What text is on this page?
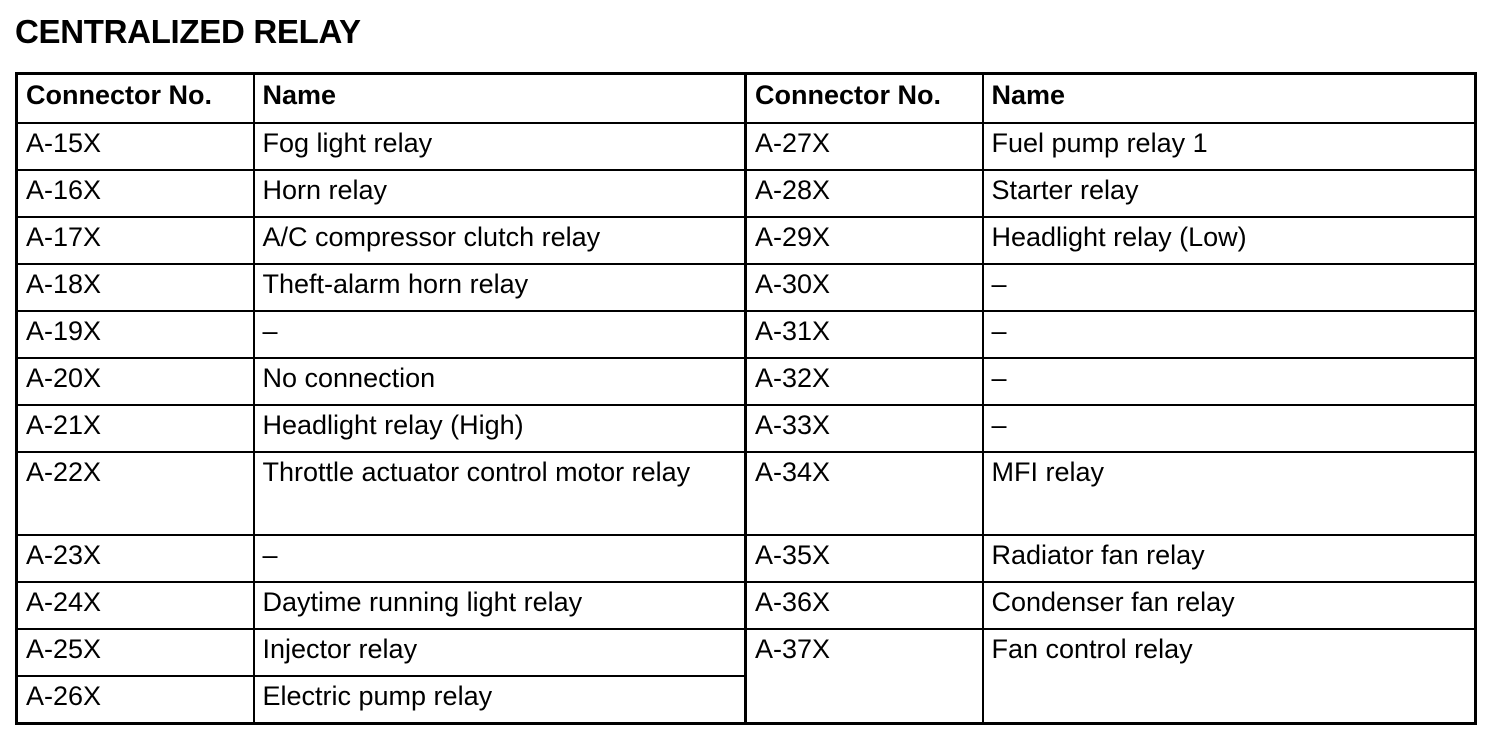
CENTRALIZED RELAY
Connector No.	Name	Connector No.	Name
A-15X	Fog light relay	A-27X	Fuel pump relay 1
A-16X	Horn relay	A-28X	Starter relay
A-17X	A/C compressor clutch relay	A-29X	Headlight relay (Low)
A-18X	Theft-alarm horn relay	A-30X	–
A-19X	–	A-31X	–
A-20X	No connection	A-32X	–
A-21X	Headlight relay (High)	A-33X	–
A-22X	Throttle actuator control motor relay	A-34X	MFI relay
A-23X	–	A-35X	Radiator fan relay
A-24X	Daytime running light relay	A-36X	Condenser fan relay
A-25X	Injector relay	A-37X	Fan control relay
A-26X	Electric pump relay		
